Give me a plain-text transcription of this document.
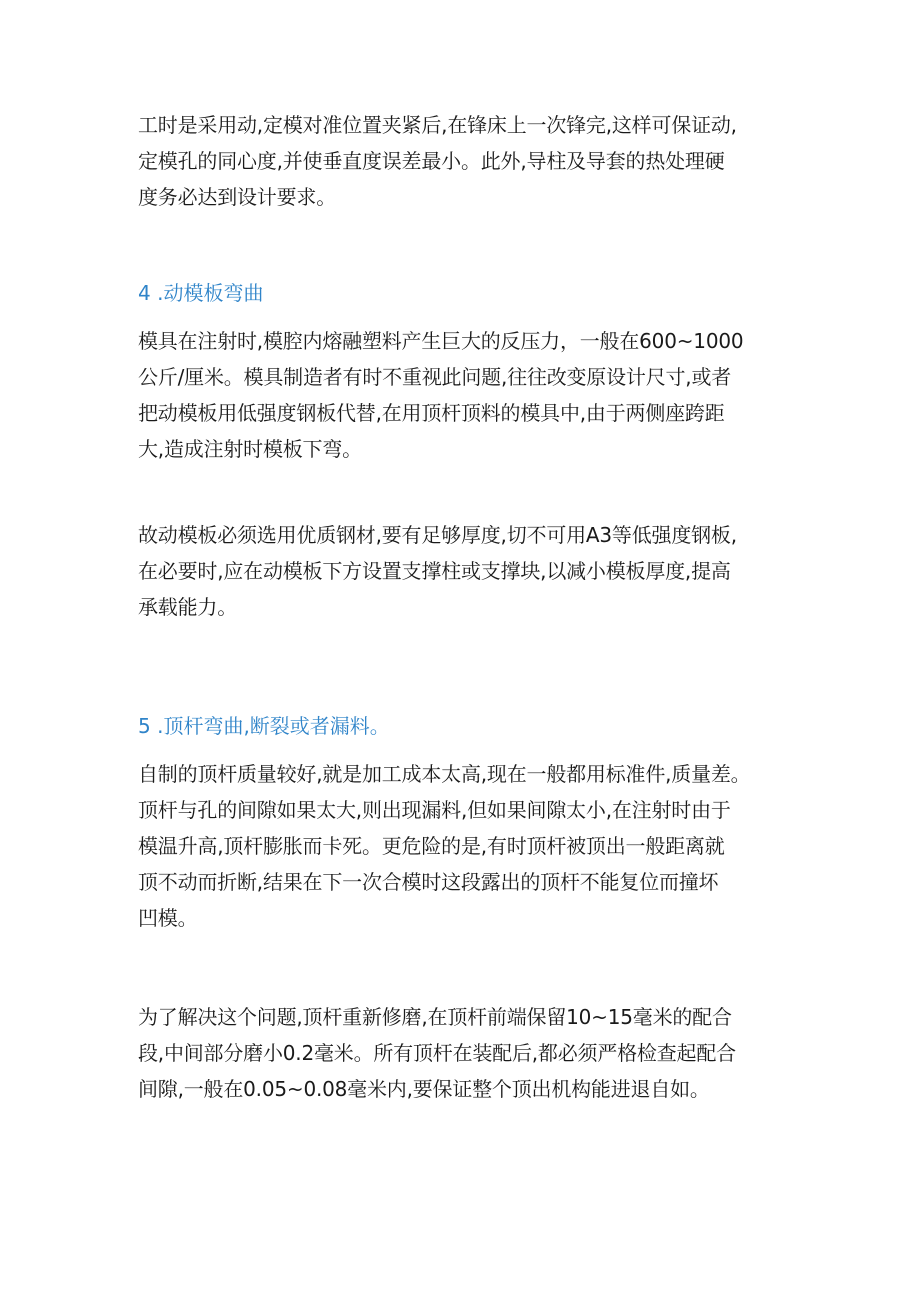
工时是采用动,定模对准位置夹紧后,在锋床上一次锋完,这样可保证动,
定模孔的同心度,并使垂直度误差最小。此外,导柱及导套的热处理硬
度务必达到设计要求。

4 .动模板弯曲

模具在注射时,模腔内熔融塑料产生巨大的反压力，一般在600~1000
公斤/厘米。模具制造者有时不重视此问题,往往改变原设计尺寸,或者
把动模板用低强度钢板代替,在用顶杆顶料的模具中,由于两侧座跨距
大,造成注射时模板下弯。

故动模板必须选用优质钢材,要有足够厚度,切不可用A3等低强度钢板,
在必要时,应在动模板下方设置支撑柱或支撑块,以减小模板厚度,提高
承载能力。

5 .顶杆弯曲,断裂或者漏料。

自制的顶杆质量较好,就是加工成本太高,现在一般都用标准件,质量差。
顶杆与孔的间隙如果太大,则出现漏料,但如果间隙太小,在注射时由于
模温升高,顶杆膨胀而卡死。更危险的是,有时顶杆被顶出一般距离就
顶不动而折断,结果在下一次合模时这段露出的顶杆不能复位而撞坏
凹模。

为了解决这个问题,顶杆重新修磨,在顶杆前端保留10~15毫米的配合
段,中间部分磨小0.2毫米。所有顶杆在装配后,都必须严格检查起配合
间隙,一般在0.05~0.08毫米内,要保证整个顶出机构能进退自如。
